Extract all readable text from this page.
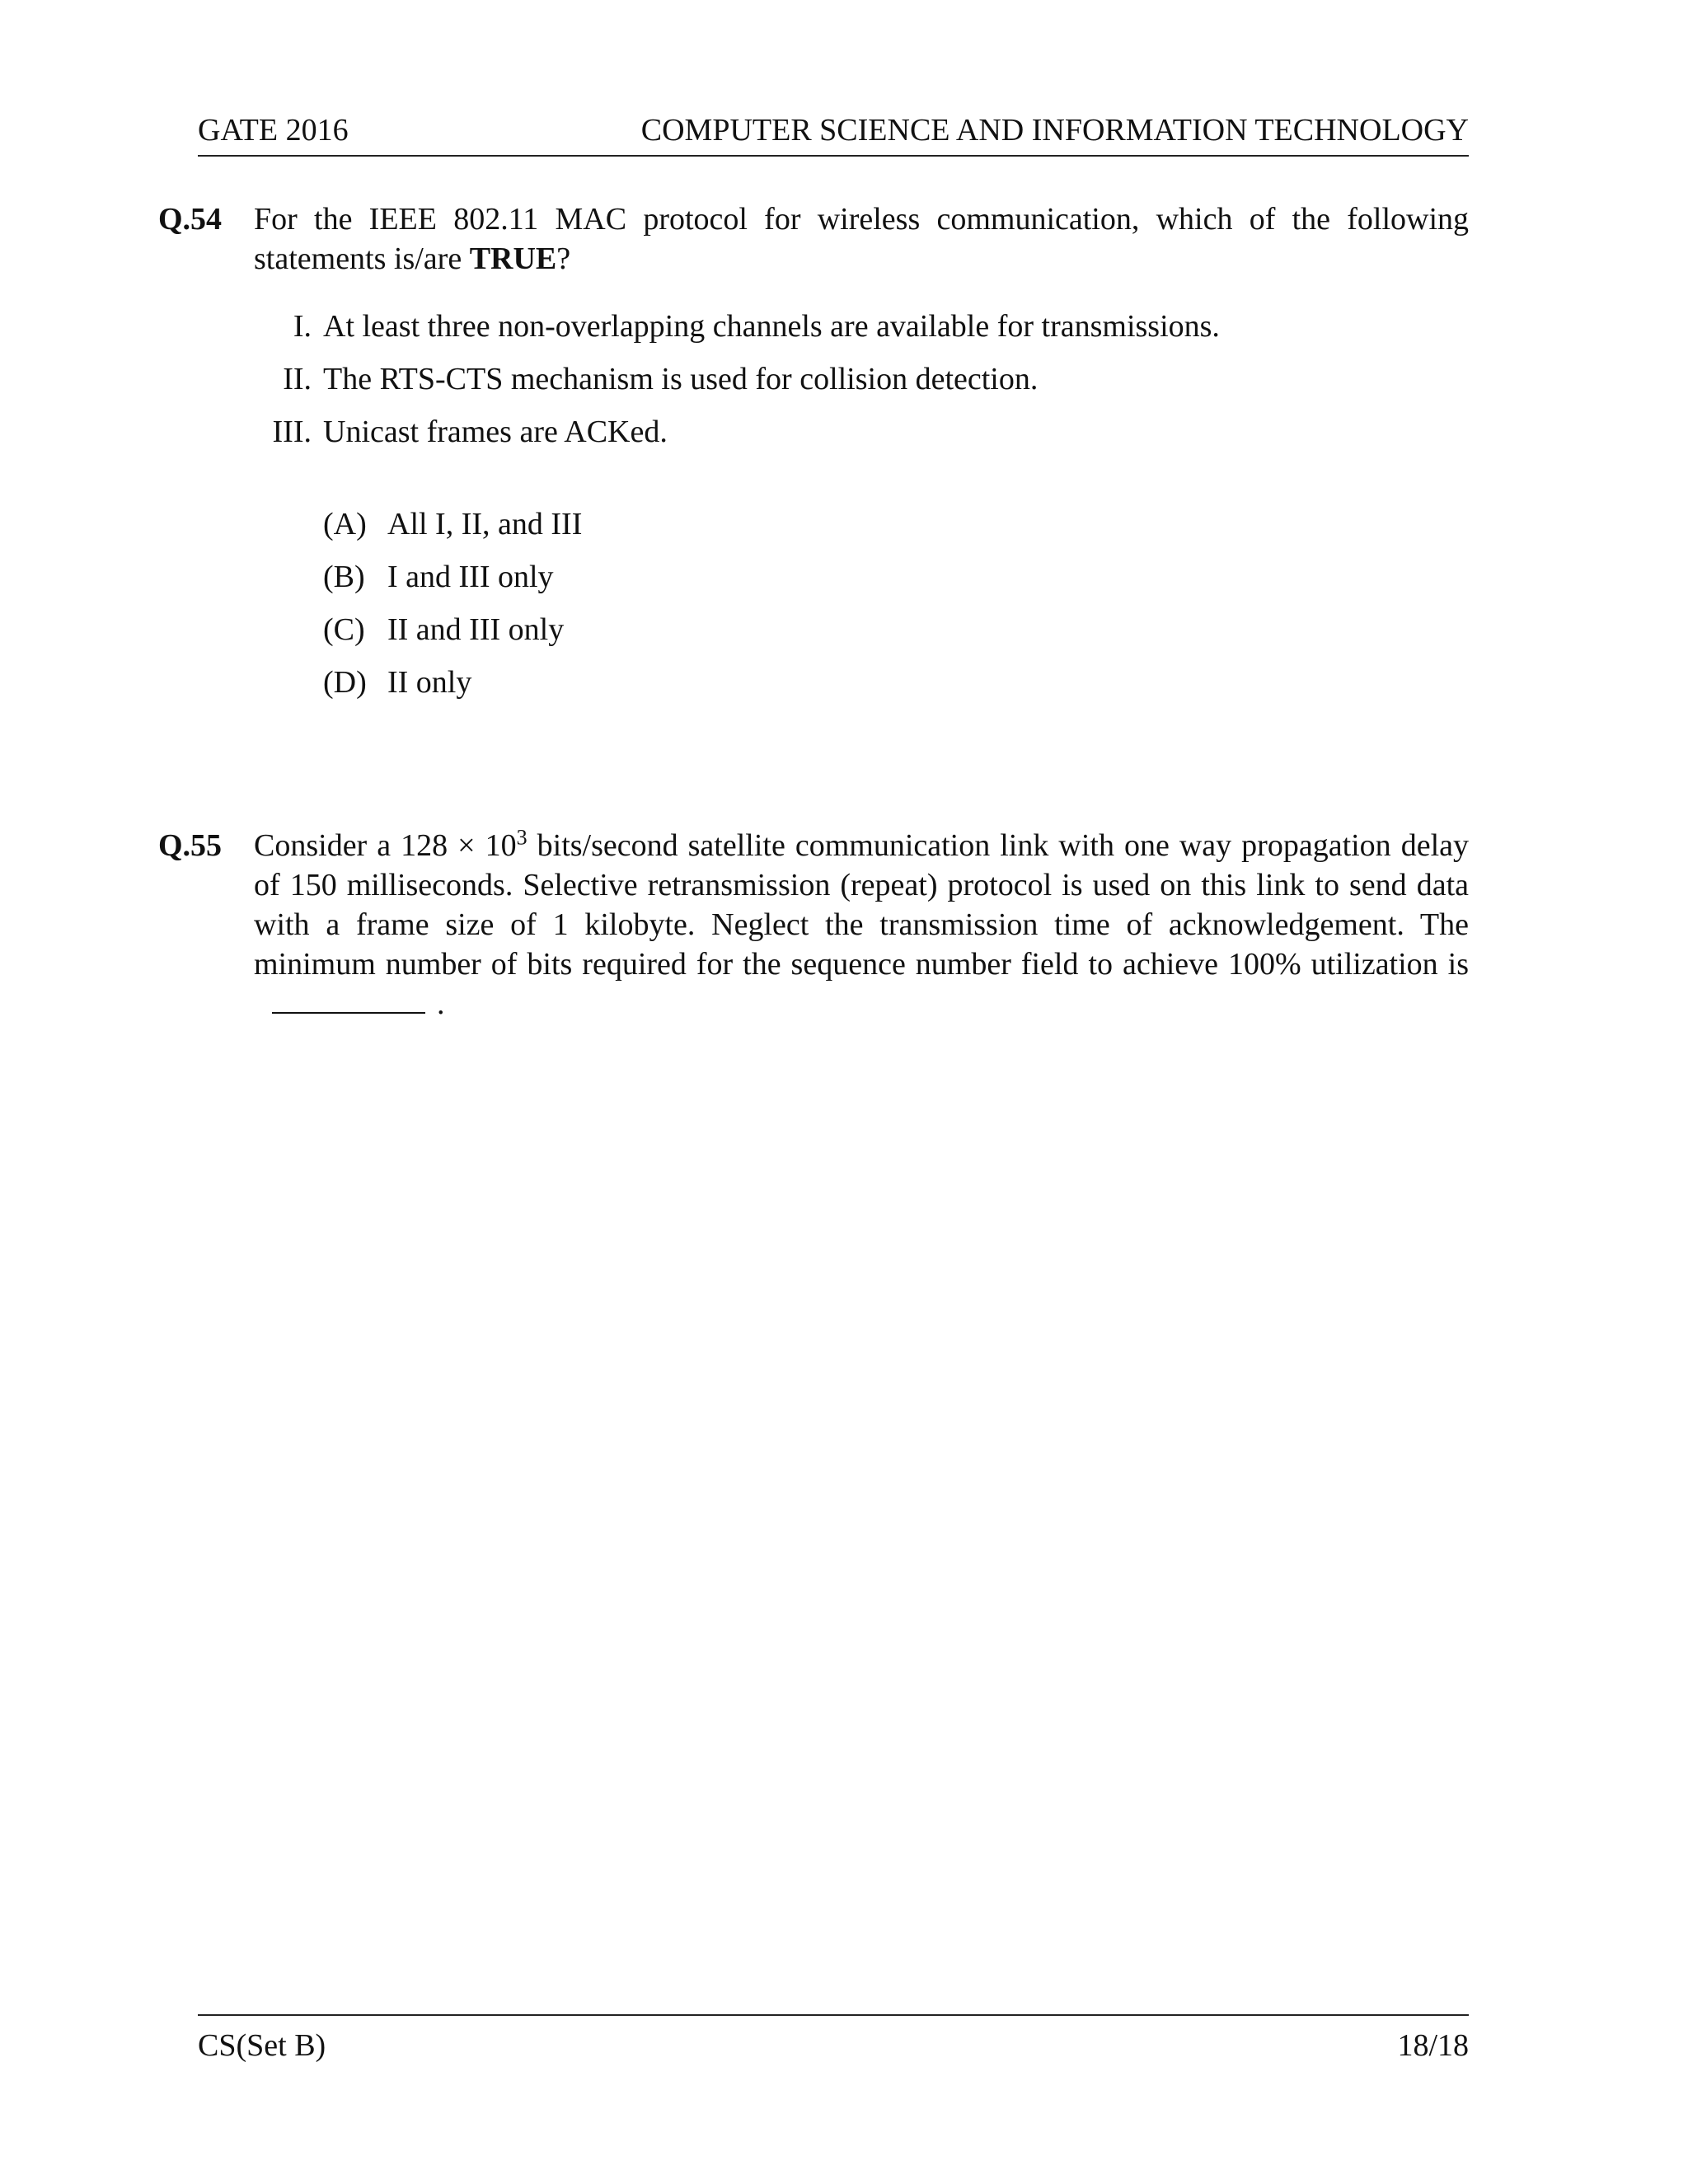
GATE 2016	COMPUTER SCIENCE AND INFORMATION TECHNOLOGY
Q.54 For the IEEE 802.11 MAC protocol for wireless communication, which of the following statements is/are TRUE?
I. At least three non-overlapping channels are available for transmissions.
II. The RTS-CTS mechanism is used for collision detection.
III. Unicast frames are ACKed.
(A) All I, II, and III
(B) I and III only
(C) II and III only
(D) II only
Q.55 Consider a $128 \times 10^3$ bits/second satellite communication link with one way propagation delay of 150 milliseconds. Selective retransmission (repeat) protocol is used on this link to send data with a frame size of 1 kilobyte. Neglect the transmission time of acknowledgement. The minimum number of bits required for the sequence number field to achieve 100% utilization is.
CS(Set B)	18/18
